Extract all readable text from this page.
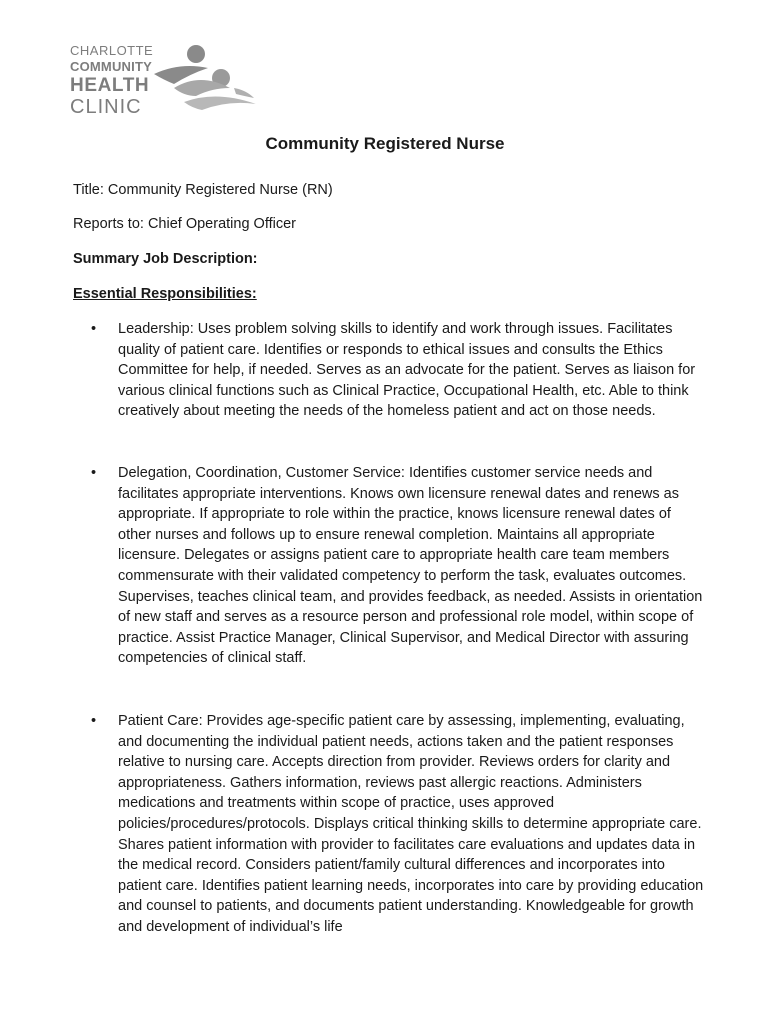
CHARLOTTE
COMMUNITY
HEALTH
CLINIC
Community Registered Nurse
Title: Community Registered Nurse (RN)
Reports to: Chief Operating Officer
Summary Job Description:
Essential Responsibilities:
• Leadership: Uses problem solving skills to identify and work through issues. Facilitates quality of patient care. Identifies or responds to ethical issues and consults the Ethics Committee for help, if needed. Serves as an advocate for the patient. Serves as liaison for various clinical functions such as Clinical Practice, Occupational Health, etc. Able to think creatively about meeting the needs of the homeless patient and act on those needs.
• Delegation, Coordination, Customer Service: Identifies customer service needs and facilitates appropriate interventions. Knows own licensure renewal dates and renews as appropriate. If appropriate to role within the practice, knows licensure renewal dates of other nurses and follows up to ensure renewal completion. Maintains all appropriate licensure. Delegates or assigns patient care to appropriate health care team members commensurate with their validated competency to perform the task, evaluates outcomes. Supervises, teaches clinical team, and provides feedback, as needed. Assists in orientation of new staff and serves as a resource person and professional role model, within scope of practice. Assist Practice Manager, Clinical Supervisor, and Medical Director with assuring competencies of clinical staff.
• Patient Care: Provides age-specific patient care by assessing, implementing, evaluating, and documenting the individual patient needs, actions taken and the patient responses relative to nursing care. Accepts direction from provider. Reviews orders for clarity and appropriateness. Gathers information, reviews past allergic reactions. Administers medications and treatments within scope of practice, uses approved policies/procedures/protocols. Displays critical thinking skills to determine appropriate care. Shares patient information with provider to facilitates care evaluations and updates data in the medical record. Considers patient/family cultural differences and incorporates into patient care. Identifies patient learning needs, incorporates into care by providing education and counsel to patients, and documents patient understanding. Knowledgeable for growth and development of individual’s life
